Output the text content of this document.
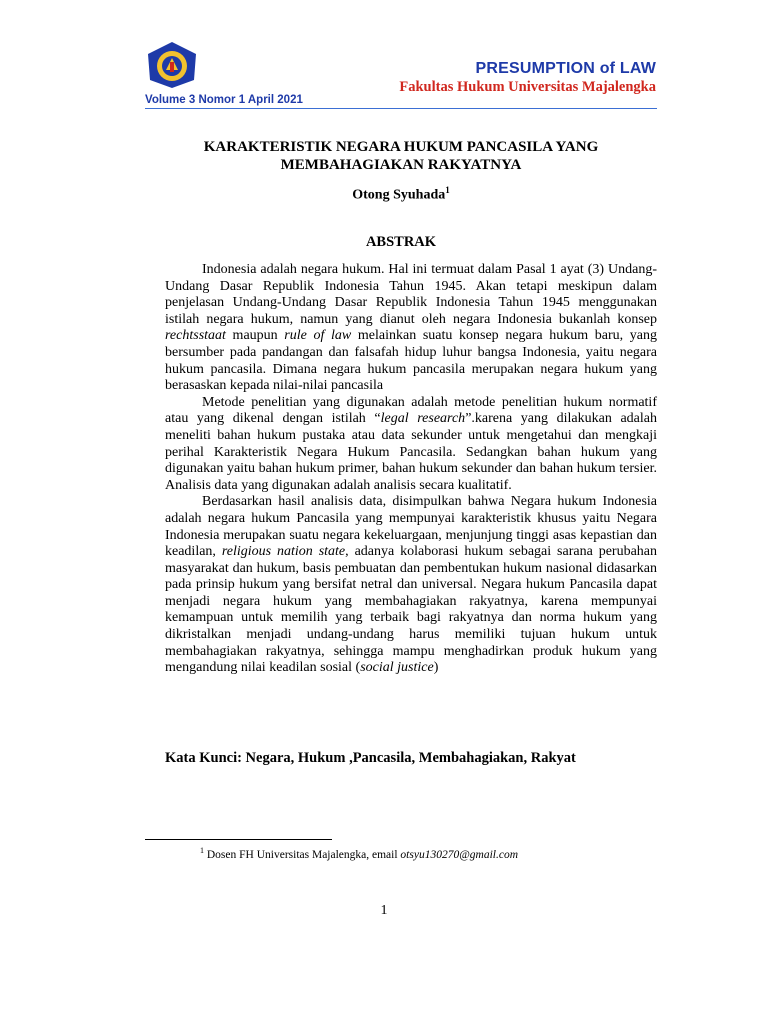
PRESUMPTION of LAW
Fakultas Hukum Universitas Majalengka
Volume 3 Nomor 1 April 2021
KARAKTERISTIK NEGARA HUKUM PANCASILA YANG
MEMBAHAGIAKAN RAKYATNYA
Otong Syuhada$^1$
ABSTRAK

Indonesia adalah negara hukum. Hal ini termuat dalam Pasal 1 ayat (3) Undang-Undang Dasar Republik Indonesia Tahun 1945. Akan tetapi meskipun dalam penjelasan Undang-Undang Dasar Republik Indonesia Tahun 1945 menggunakan istilah negara hukum, namun yang dianut oleh negara Indonesia bukanlah konsep rechtsstaat maupun rule of law melainkan suatu konsep negara hukum baru, yang bersumber pada pandangan dan falsafah hidup luhur bangsa Indonesia, yaitu negara hukum pancasila. Dimana negara hukum pancasila merupakan negara hukum yang berasaskan kepada nilai-nilai pancasila

Metode penelitian yang digunakan adalah metode penelitian hukum normatif atau yang dikenal dengan istilah “legal research”.karena yang dilakukan adalah meneliti bahan hukum pustaka atau data sekunder untuk mengetahui dan mengkaji perihal Karakteristik Negara Hukum Pancasila. Sedangkan bahan hukum yang digunakan yaitu bahan hukum primer, bahan hukum sekunder dan bahan hukum tersier. Analisis data yang digunakan adalah analisis secara kualitatif.

Berdasarkan hasil analisis data, disimpulkan bahwa Negara hukum Indonesia adalah negara hukum Pancasila yang mempunyai karakteristik khusus yaitu Negara Indonesia merupakan suatu negara kekeluargaan, menjunjung tinggi asas kepastian dan keadilan, religious nation state, adanya kolaborasi hukum sebagai sarana perubahan masyarakat dan hukum, basis pembuatan dan pembentukan hukum nasional didasarkan pada prinsip hukum yang bersifat netral dan universal. Negara hukum Pancasila dapat menjadi negara hukum yang membahagiakan rakyatnya, karena mempunyai kemampuan untuk memilih yang terbaik bagi rakyatnya dan norma hukum yang dikristalkan menjadi undang-undang harus memiliki tujuan hukum untuk membahagiakan rakyatnya, sehingga mampu menghadirkan produk hukum yang mengandung nilai keadilan sosial (social justice)

Kata Kunci: Negara, Hukum ,Pancasila, Membahagiakan, Rakyat
$^1$ Dosen FH Universitas Majalengka, email otsyu130270@gmail.com
1
